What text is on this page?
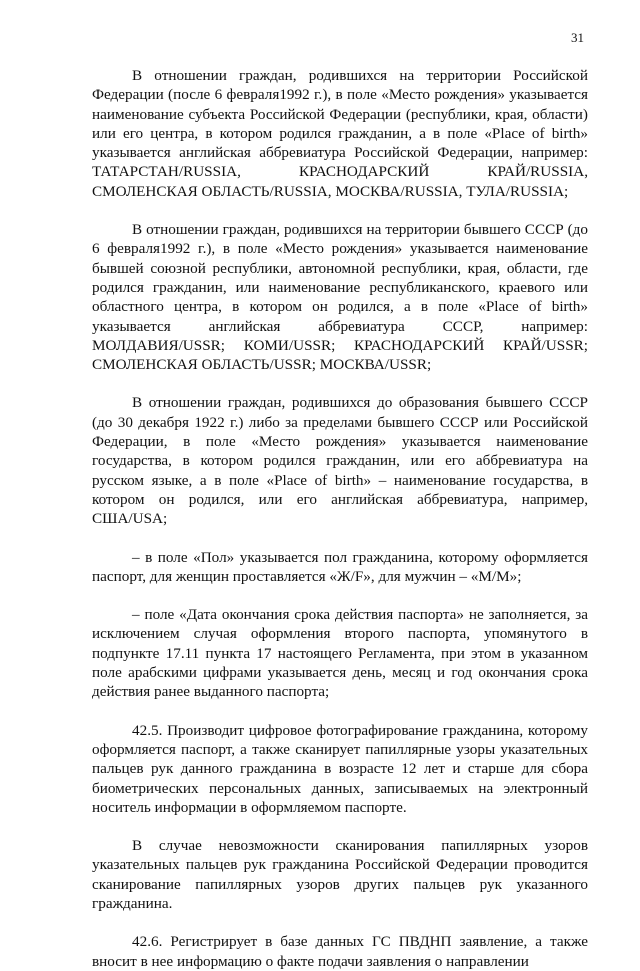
31

В отношении граждан, родившихся на территории Российской Федерации (после 6 февраля1992 г.), в поле «Место рождения» указывается наименование субъекта Российской Федерации (республики, края, области) или его центра, в котором родился гражданин, а в поле «Place of birth» указывается английская аббревиатура Российской Федерации, например: ТАТАРСТАН/RUSSIA, КРАСНОДАРСКИЙ КРАЙ/RUSSIA, СМОЛЕНСКАЯ ОБЛАСТЬ/RUSSIA, МОСКВА/RUSSIA, ТУЛА/RUSSIA;

В отношении граждан, родившихся на территории бывшего СССР (до 6 февраля1992 г.), в поле «Место рождения» указывается наименование бывшей союзной республики, автономной республики, края, области, где родился гражданин, или наименование республиканского, краевого или областного центра, в котором он родился, а в поле «Place of birth» указывается английская аббревиатура СССР, например: МОЛДАВИЯ/USSR; КОМИ/USSR; КРАСНОДАРСКИЙ КРАЙ/USSR; СМОЛЕНСКАЯ ОБЛАСТЬ/USSR; МОСКВА/USSR;

В отношении граждан, родившихся до образования бывшего СССР (до 30 декабря 1922 г.) либо за пределами бывшего СССР или Российской Федерации, в поле «Место рождения» указывается наименование государства, в котором родился гражданин, или его аббревиатура на русском языке, а в поле «Place of birth» – наименование государства, в котором он родился, или его английская аббревиатура, например, США/USA;

– в поле «Пол» указывается пол гражданина, которому оформляется паспорт, для женщин проставляется «Ж/F», для мужчин – «М/M»;

– поле «Дата окончания срока действия паспорта» не заполняется, за исключением случая оформления второго паспорта, упомянутого в подпункте 17.11 пункта 17 настоящего Регламента, при этом в указанном поле арабскими цифрами указывается день, месяц и год окончания срока действия ранее выданного паспорта;

42.5. Производит цифровое фотографирование гражданина, которому оформляется паспорт, а также сканирует папиллярные узоры указательных пальцев рук данного гражданина в возрасте 12 лет и старше для сбора биометрических персональных данных, записываемых на электронный носитель информации в оформляемом паспорте.

В случае невозможности сканирования папиллярных узоров указательных пальцев рук гражданина Российской Федерации проводится сканирование папиллярных узоров других пальцев рук указанного гражданина.

42.6. Регистрирует в базе данных ГС ПВДНП заявление, а также вносит в нее информацию о факте подачи заявления о направлении
